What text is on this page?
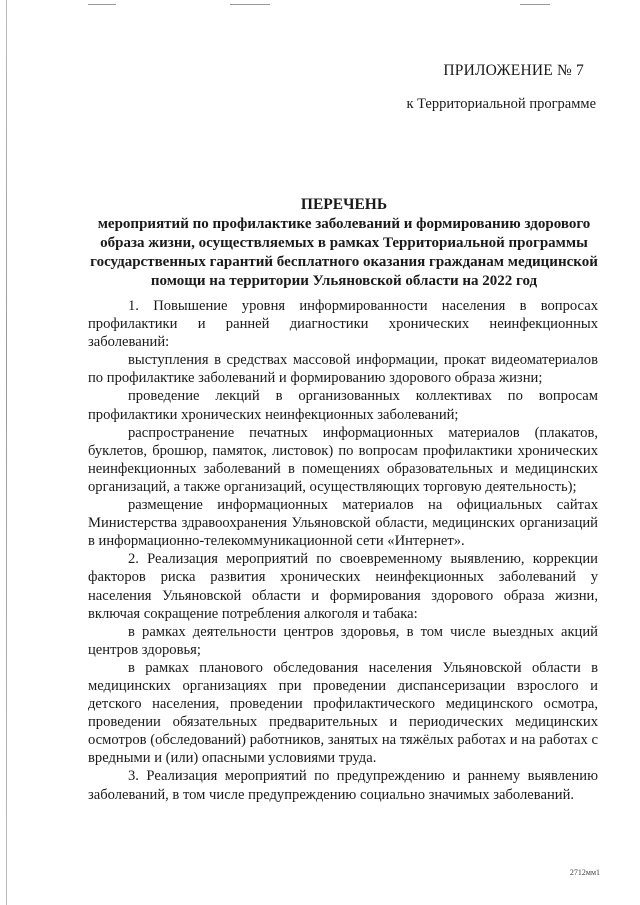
ПРИЛОЖЕНИЕ № 7
к Территориальной программе
ПЕРЕЧЕНЬ
мероприятий по профилактике заболеваний и формированию здорового образа жизни, осуществляемых в рамках Территориальной программы государственных гарантий бесплатного оказания гражданам медицинской помощи на территории Ульяновской области на 2022 год

1. Повышение уровня информированности населения в вопросах профилактики и ранней диагностики хронических неинфекционных заболеваний:

выступления в средствах массовой информации, прокат видеоматериалов по профилактике заболеваний и формированию здорового образа жизни;

проведение лекций в организованных коллективах по вопросам профилактики хронических неинфекционных заболеваний;

распространение печатных информационных материалов (плакатов, буклетов, брошюр, памяток, листовок) по вопросам профилактики хронических неинфекционных заболеваний в помещениях образовательных и медицинских организаций, а также организаций, осуществляющих торговую деятельность);

размещение информационных материалов на официальных сайтах Министерства здравоохранения Ульяновской области, медицинских организаций в информационно-телекоммуникационной сети «Интернет».

2. Реализация мероприятий по своевременному выявлению, коррекции факторов риска развития хронических неинфекционных заболеваний у населения Ульяновской области и формирования здорового образа жизни, включая сокращение потребления алкоголя и табака:

в рамках деятельности центров здоровья, в том числе выездных акций центров здоровья;

в рамках планового обследования населения Ульяновской области в медицинских организациях при проведении диспансеризации взрослого и детского населения, проведении профилактического медицинского осмотра, проведении обязательных предварительных и периодических медицинских осмотров (обследований) работников, занятых на тяжёлых работах и на работах с вредными и (или) опасными условиями труда.

3. Реализация мероприятий по предупреждению и раннему выявлению заболеваний, в том числе предупреждению социально значимых заболеваний.

2712мм1
